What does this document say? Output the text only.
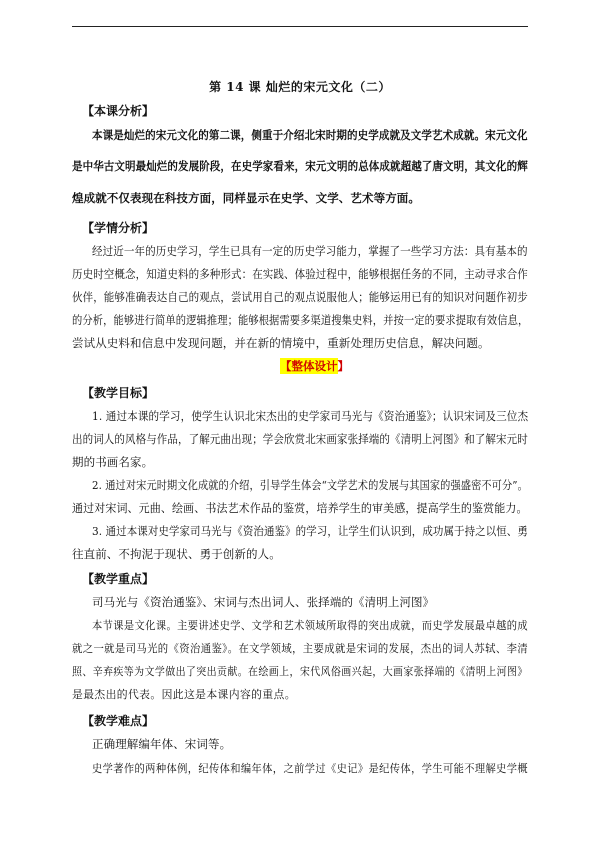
第 14 课 灿烂的宋元文化（二）
【本课分析】
本课是灿烂的宋元文化的第二课，侧重于介绍北宋时期的史学成就及文学艺术成就。宋元文化
是中华古文明最灿烂的发展阶段，在史学家看来，宋元文明的总体成就超越了唐文明，其文化的辉
煌成就不仅表现在科技方面，同样显示在史学、文学、艺术等方面。
【学情分析】
经过近一年的历史学习，学生已具有一定的历史学习能力，掌握了一些学习方法：具有基本的
历史时空概念，知道史料的多种形式：在实践、体验过程中，能够根据任务的不同，主动寻求合作
伙伴，能够准确表达自己的观点，尝试用自己的观点说服他人；能够运用已有的知识对问题作初步
的分析，能够进行简单的逻辑推理；能够根据需要多渠道搜集史料，并按一定的要求提取有效信息，
尝试从史料和信息中发现问题，并在新的情境中，重新处理历史信息，解决问题。
【整体设计】
【教学目标】
1. 通过本课的学习，使学生认识北宋杰出的史学家司马光与《资治通鉴》；认识宋词及三位杰
出的词人的风格与作品，了解元曲出现；学会欣赏北宋画家张择端的《清明上河图》和了解宋元时
期的书画名家。
2. 通过对宋元时期文化成就的介绍，引导学生体会“文学艺术的发展与其国家的强盛密不可分”。
通过对宋词、元曲、绘画、书法艺术作品的鉴赏，培养学生的审美感，提高学生的鉴赏能力。
3. 通过本课对史学家司马光与《资治通鉴》的学习，让学生们认识到，成功属于持之以恒、勇
往直前、不拘泥于现状、勇于创新的人。
【教学重点】
司马光与《资治通鉴》、宋词与杰出词人、张择端的《清明上河图》
本节课是文化课。主要讲述史学、文学和艺术领域所取得的突出成就，而史学发展最卓越的成
就之一就是司马光的《资治通鉴》。在文学领域，主要成就是宋词的发展，杰出的词人苏轼、李清
照、辛弃疾等为文学做出了突出贡献。在绘画上，宋代风俗画兴起，大画家张择端的《清明上河图》
是最杰出的代表。因此这是本课内容的重点。
【教学难点】
正确理解编年体、宋词等。
史学著作的两种体例，纪传体和编年体，之前学过《史记》是纪传体，学生可能不理解史学概
